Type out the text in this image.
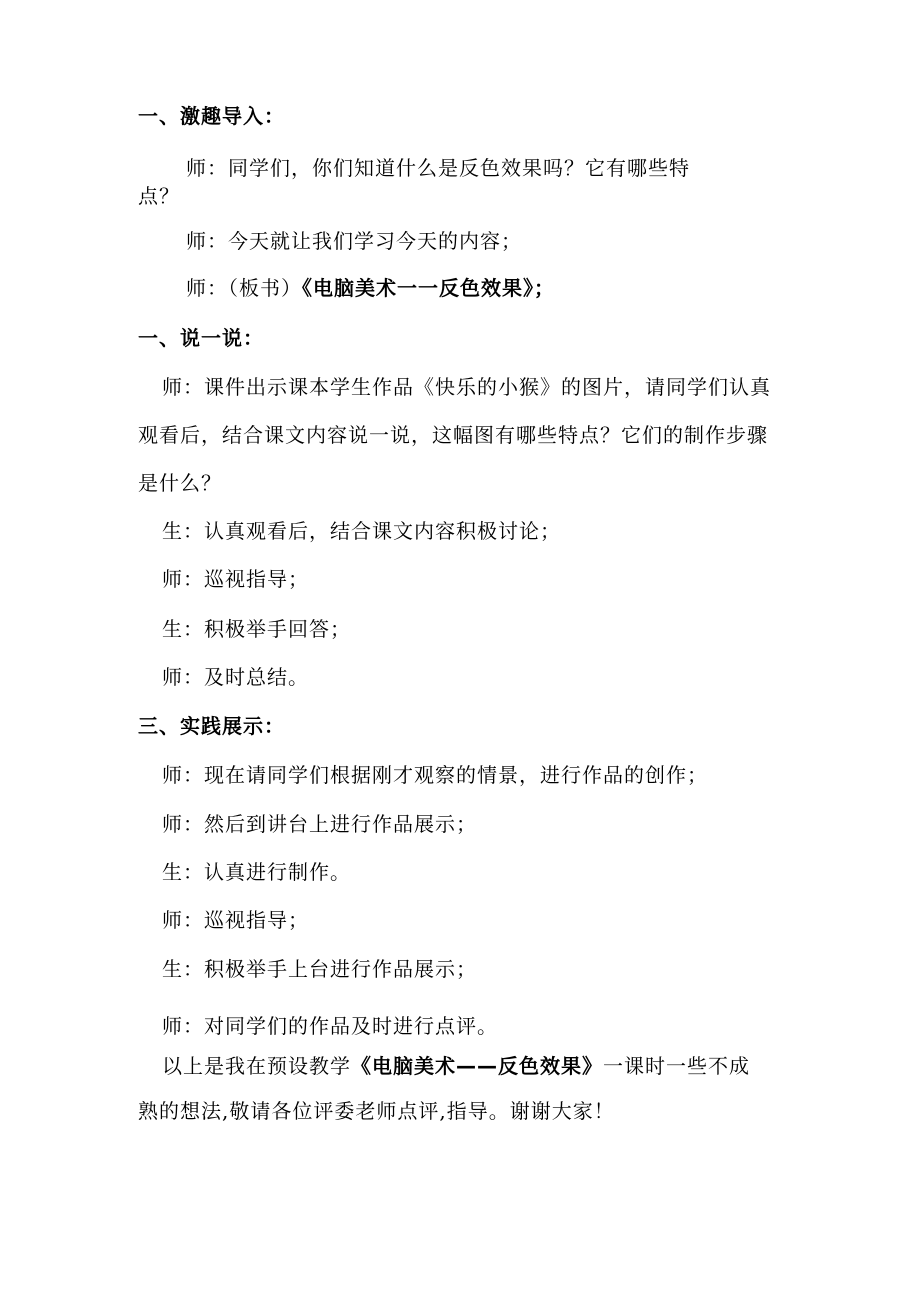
一、激趣导入：
师：同学们，你们知道什么是反色效果吗？它有哪些特
点？
师：今天就让我们学习今天的内容；
师：（板书）《电脑美术一一反色效果》；
一、说一说：
师：课件出示课本学生作品《快乐的小猴》的图片，请同学们认真
观看后，结合课文内容说一说，这幅图有哪些特点？它们的制作步骤
是什么？
生：认真观看后，结合课文内容积极讨论；
师：巡视指导；
生：积极举手回答；
师：及时总结。
三、实践展示：
师：现在请同学们根据刚才观察的情景，进行作品的创作；
师：然后到讲台上进行作品展示；
生：认真进行制作。
师：巡视指导；
生：积极举手上台进行作品展示；
师：对同学们的作品及时进行点评。
以上是我在预设教学《电脑美术——反色效果》一课时一些不成
熟的想法,敬请各位评委老师点评,指导。谢谢大家！
